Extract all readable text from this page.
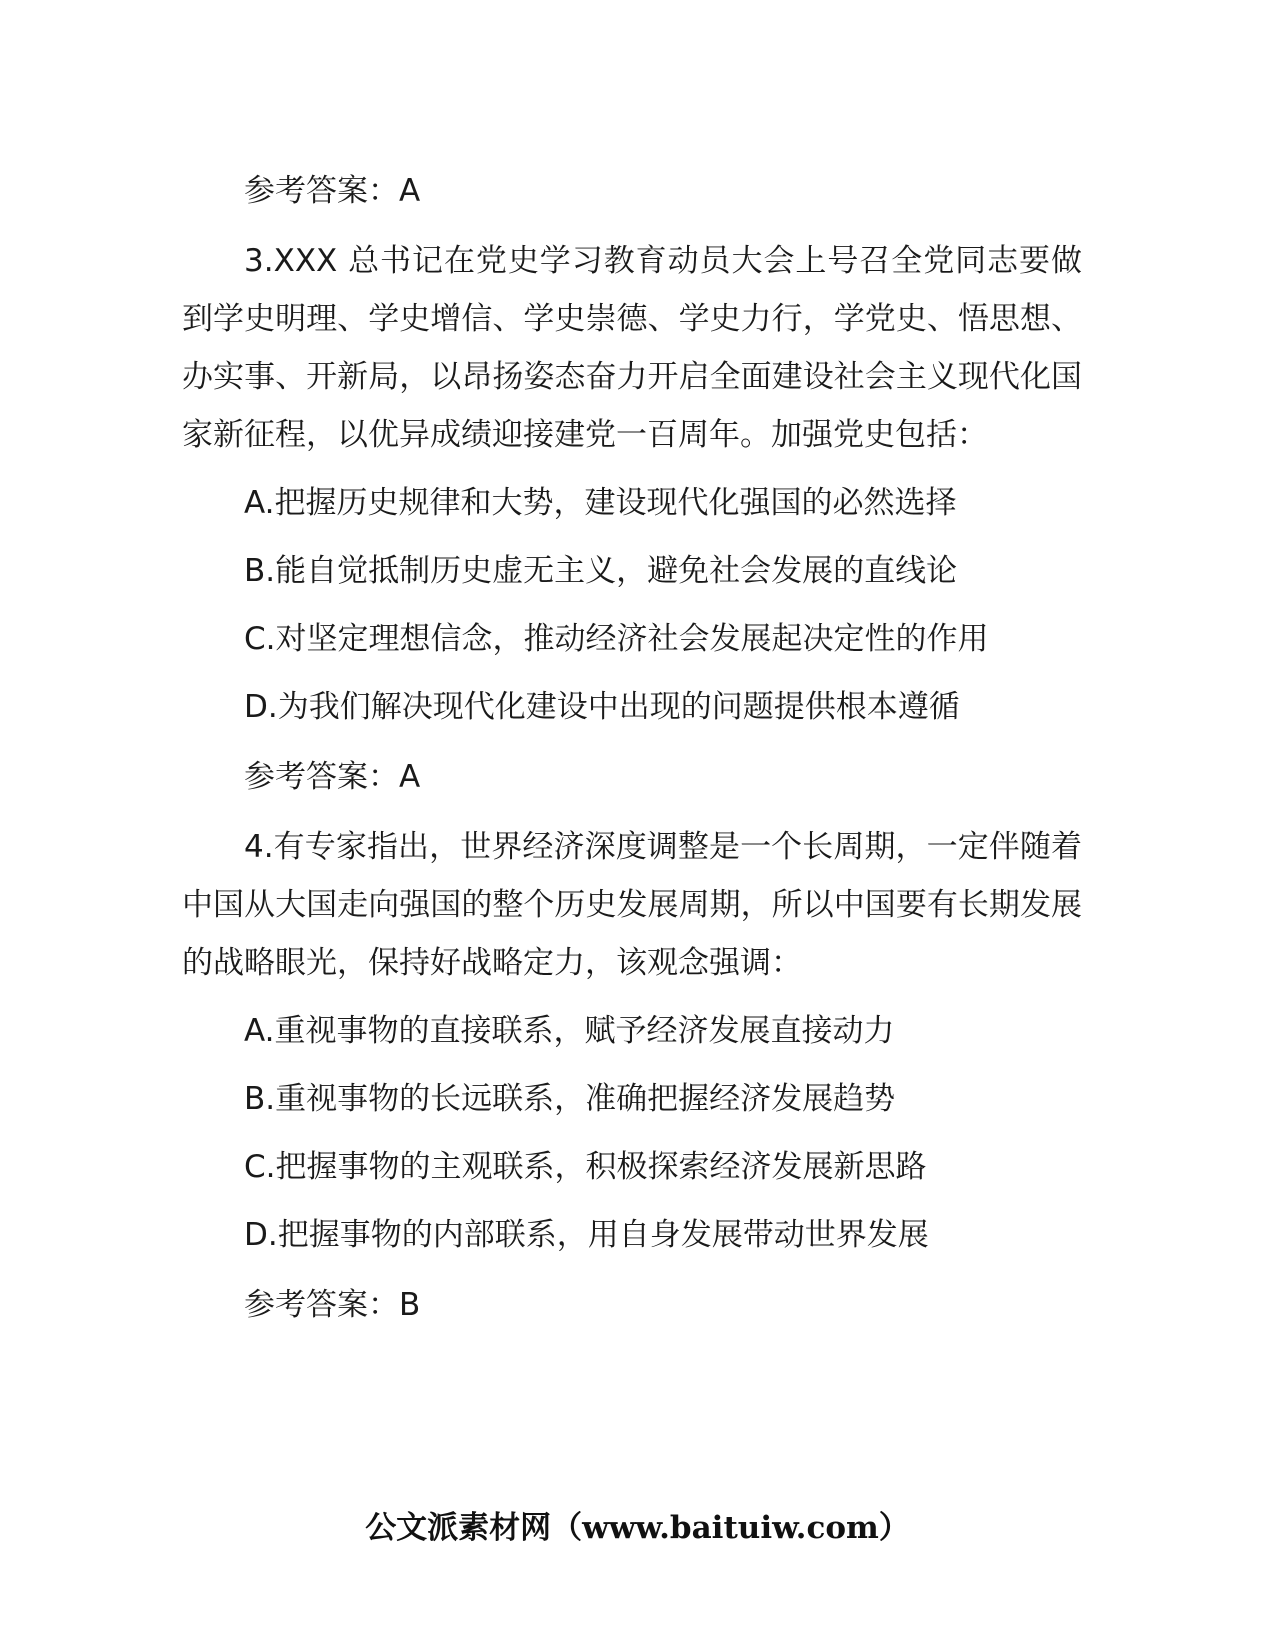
参考答案：A

3.XXX 总书记在党史学习教育动员大会上号召全党同志要做到学史明理、学史增信、学史崇德、学史力行，学党史、悟思想、办实事、开新局，以昂扬姿态奋力开启全面建设社会主义现代化国家新征程，以优异成绩迎接建党一百周年。加强党史包括：

A.把握历史规律和大势，建设现代化强国的必然选择

B.能自觉抵制历史虚无主义，避免社会发展的直线论

C.对坚定理想信念，推动经济社会发展起决定性的作用

D.为我们解决现代化建设中出现的问题提供根本遵循

参考答案：A

4.有专家指出，世界经济深度调整是一个长周期，一定伴随着中国从大国走向强国的整个历史发展周期，所以中国要有长期发展的战略眼光，保持好战略定力，该观念强调：

A.重视事物的直接联系，赋予经济发展直接动力

B.重视事物的长远联系，准确把握经济发展趋势

C.把握事物的主观联系，积极探索经济发展新思路

D.把握事物的内部联系，用自身发展带动世界发展

参考答案：B

公文派素材网（www.baituiw.com）
